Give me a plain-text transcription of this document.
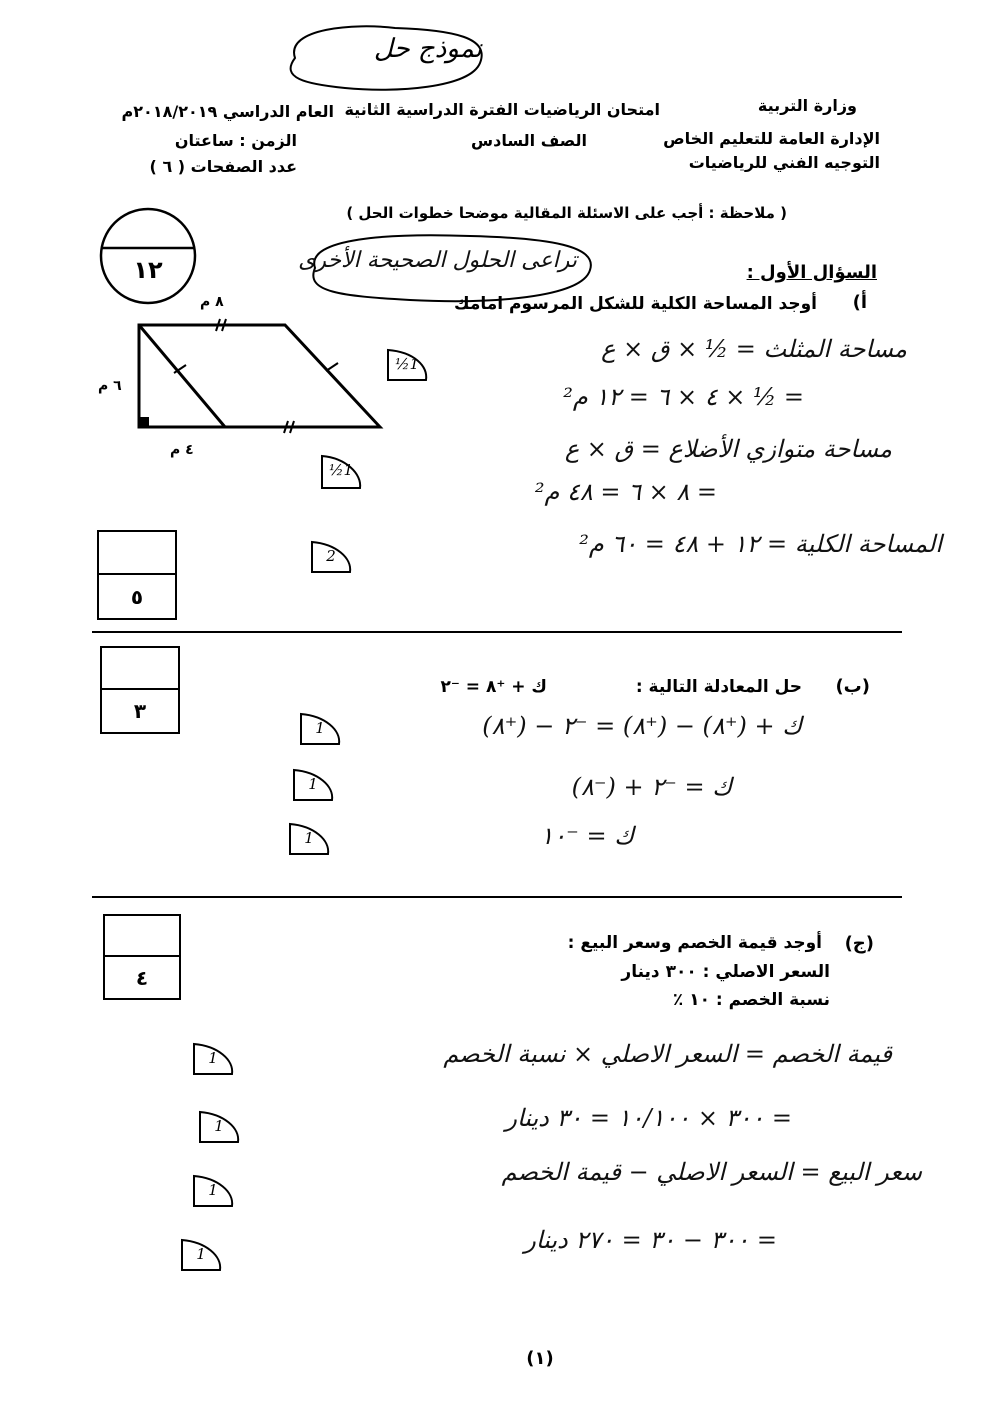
نموذج حل
وزارة التربية
الإدارة العامة للتعليم الخاص
التوجيه الفني للرياضيات
امتحان الرياضيات الفترة الدراسية الثانية
الصف السادس
العام الدراسي ٢٠١٨/٢٠١٩م
الزمن : ساعتان
عدد الصفحات ( ٦ )
( ملاحظة : أجب على الاسئلة المقالية موضحا خطوات الحل )
تراعى الحلول الصحيحة الأخرى
١٢	السؤال الأول :
أ)
أوجد المساحة الكلية للشكل المرسوم امامك
٨ م
٦ م
٤ م
مساحة المثلث = ½ × ق × ع
= ½ × ٤ × ٦ = ١٢ م²
مساحة متوازي الأضلاع = ق × ع
= ٨ × ٦ = ٤٨ م²
المساحة الكلية = ١٢ + ٤٨ = ٦٠ م²
½1
½1
2
٥
٣
(ب)
حل المعادلة التالية :
ك + ⁺٨ = ⁻٢
ك + (⁺٨) − (⁺٨) = ⁻٢ − (⁺٨)
ك = ⁻٢ + (⁻٨)
ك = ⁻١٠
1
1
1
٤
(ج)
أوجد قيمة الخصم وسعر البيع :
السعر الاصلي : ٣٠٠ دينار
نسبة الخصم : ١٠ ٪
قيمة الخصم = السعر الاصلي × نسبة الخصم
= ٣٠٠ × ١٠/١٠٠ = ٣٠ دينار
سعر البيع = السعر الاصلي − قيمة الخصم
= ٣٠٠ − ٣٠ = ٢٧٠ دينار
1
1
1
1
(١)
